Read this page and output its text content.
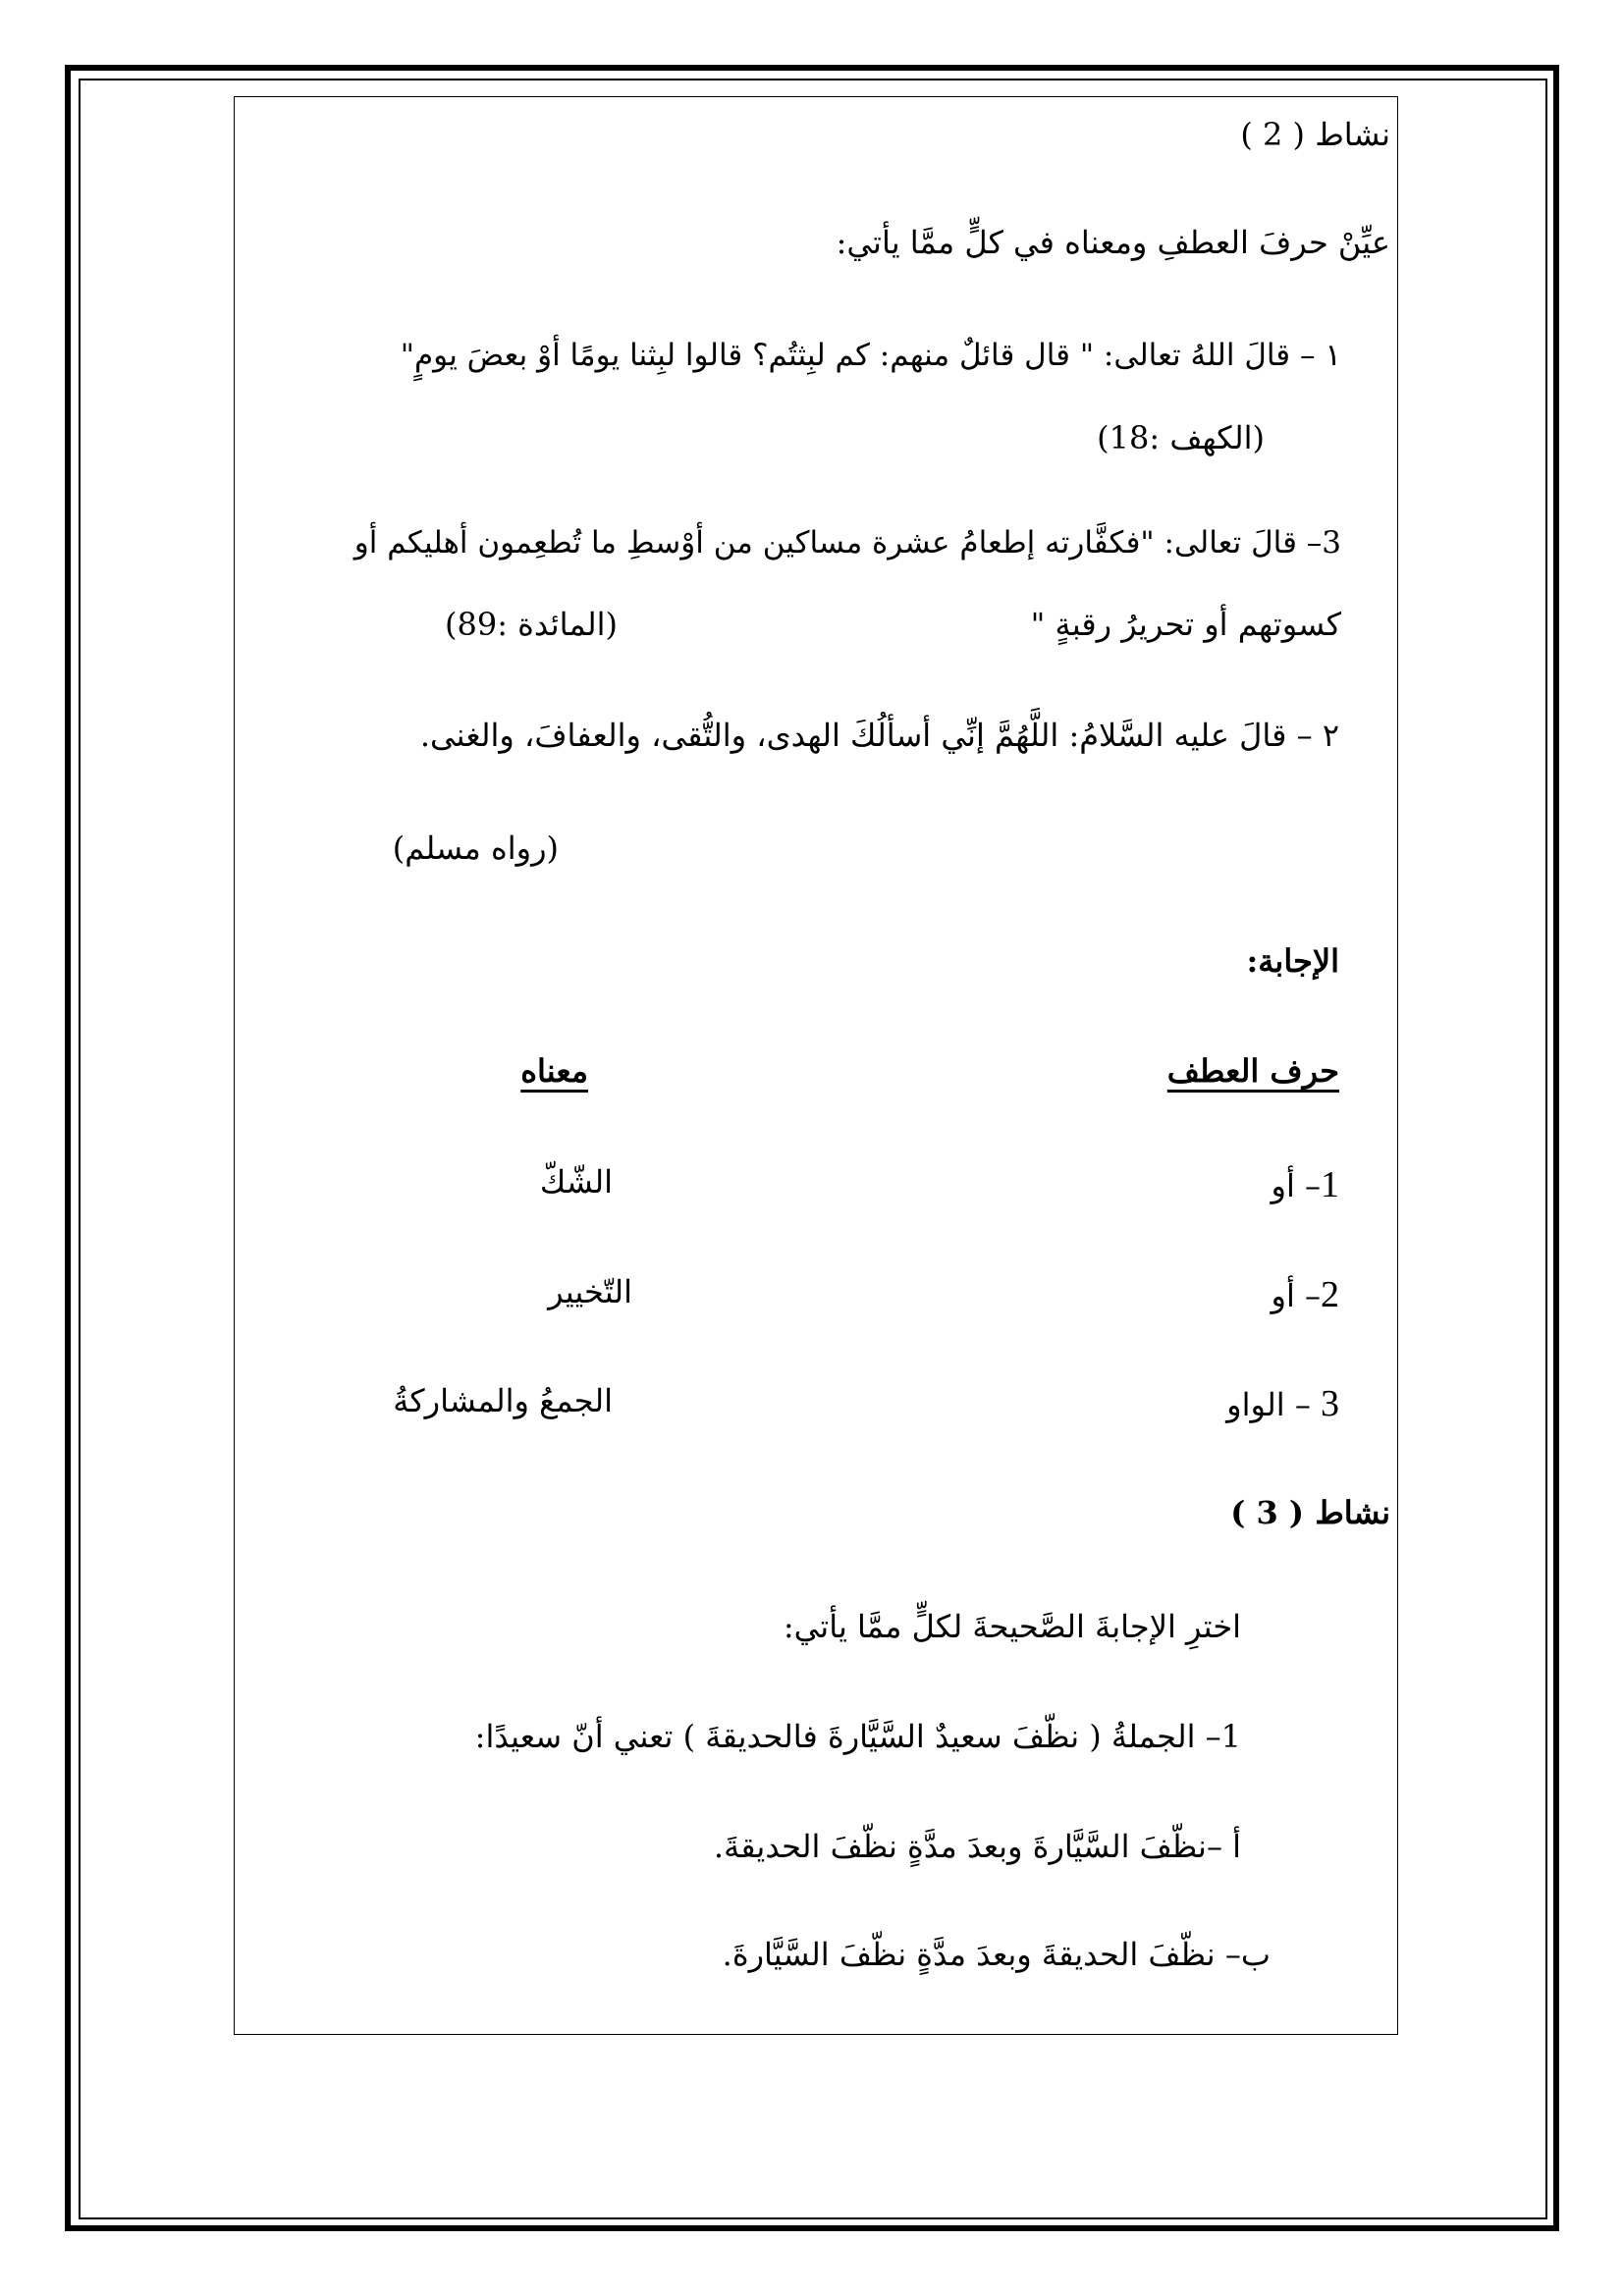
نشاط ( 2 )
عيِّنْ حرفَ العطفِ ومعناه في كلٍّ ممَّا يأتي:
١ – قالَ اللهُ تعالى: " قال قائلٌ منهم: كم لبِثتُم؟ قالوا لبِثنا يومًا أوْ بعضَ يومٍ"
(الكهف :18)
3– قالَ تعالى: "فكفَّارته إطعامُ عشرة مساكين من أوْسطِ ما تُطعِمون أهليكم أو
كسوتهم أو تحريرُ رقبةٍ "
(المائدة :89)
٢ – قالَ عليه السَّلامُ: اللَّهُمَّ إنِّي أسألُكَ الهدى، والتُّقى، والعفافَ، والغنى.
(رواه مسلم)
الإجابة:
حرف العطف
معناه
1– أو
الشّكّ
2– أو
التّخيير
3 – الواو
الجمعُ والمشاركةُ
نشاط ( 3 )
اخترِ الإجابةَ الصَّحيحةَ لكلٍّ ممَّا يأتي:
1– الجملةُ ( نظّفَ سعيدٌ السَّيَّارةَ فالحديقةَ ) تعني أنّ سعيدًا:
أ –نظّفَ السَّيَّارةَ وبعدَ مدَّةٍ نظّفَ الحديقةَ.
ب– نظّفَ الحديقةَ وبعدَ مدَّةٍ نظّفَ السَّيَّارةَ.
